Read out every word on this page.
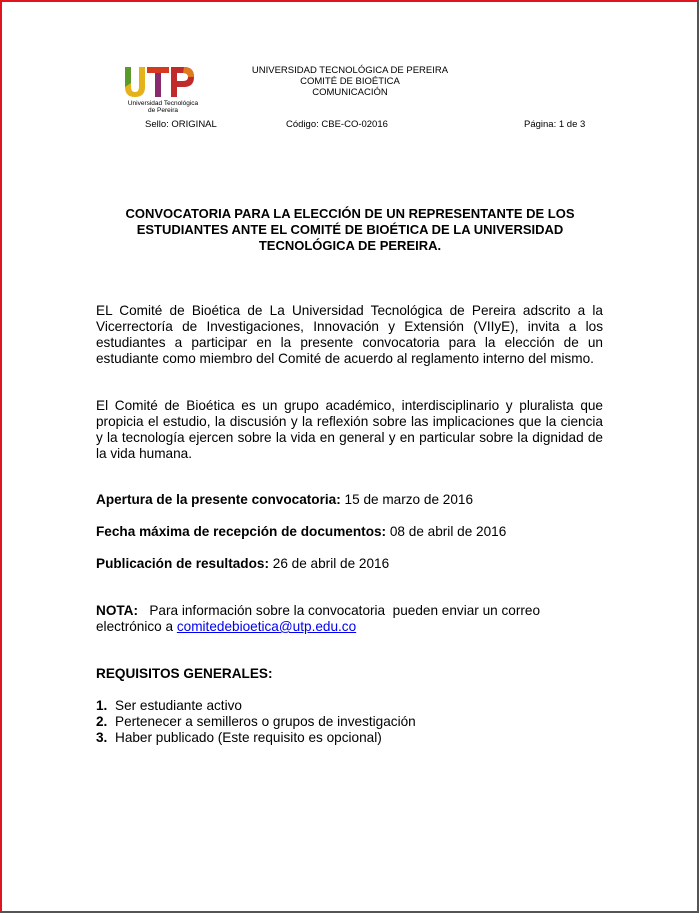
Universidad Tecnológica
de Pereira
UNIVERSIDAD TECNOLÓGICA DE PEREIRA
COMITÉ DE BIOÉTICA
COMUNICACIÓN
Sello: ORIGINAL	Código: CBE-CO-02016	Página: 1 de 3
CONVOCATORIA PARA LA ELECCIÓN DE UN REPRESENTANTE DE LOS
ESTUDIANTES ANTE EL COMITÉ DE BIOÉTICA DE LA UNIVERSIDAD
TECNOLÓGICA DE PEREIRA.
EL Comité de Bioética de La Universidad Tecnológica de Pereira adscrito a la Vicerrectoría de Investigaciones, Innovación y Extensión (VIIyE), invita a los estudiantes a participar en la presente convocatoria para la elección de un estudiante como miembro del Comité de acuerdo al reglamento interno del mismo.
El Comité de Bioética es un grupo académico, interdisciplinario y pluralista que propicia el estudio, la discusión y la reflexión sobre las implicaciones que la ciencia y la tecnología ejercen sobre la vida en general y en particular sobre la dignidad de la vida humana.
Apertura de la presente convocatoria: 15 de marzo de 2016
Fecha máxima de recepción de documentos: 08 de abril de 2016
Publicación de resultados: 26 de abril de 2016
NOTA:   Para información sobre la convocatoria  pueden enviar un correo electrónico a comitedebioetica@utp.edu.co
REQUISITOS GENERALES:
1. Ser estudiante activo
2. Pertenecer a semilleros o grupos de investigación
3. Haber publicado (Este requisito es opcional)
